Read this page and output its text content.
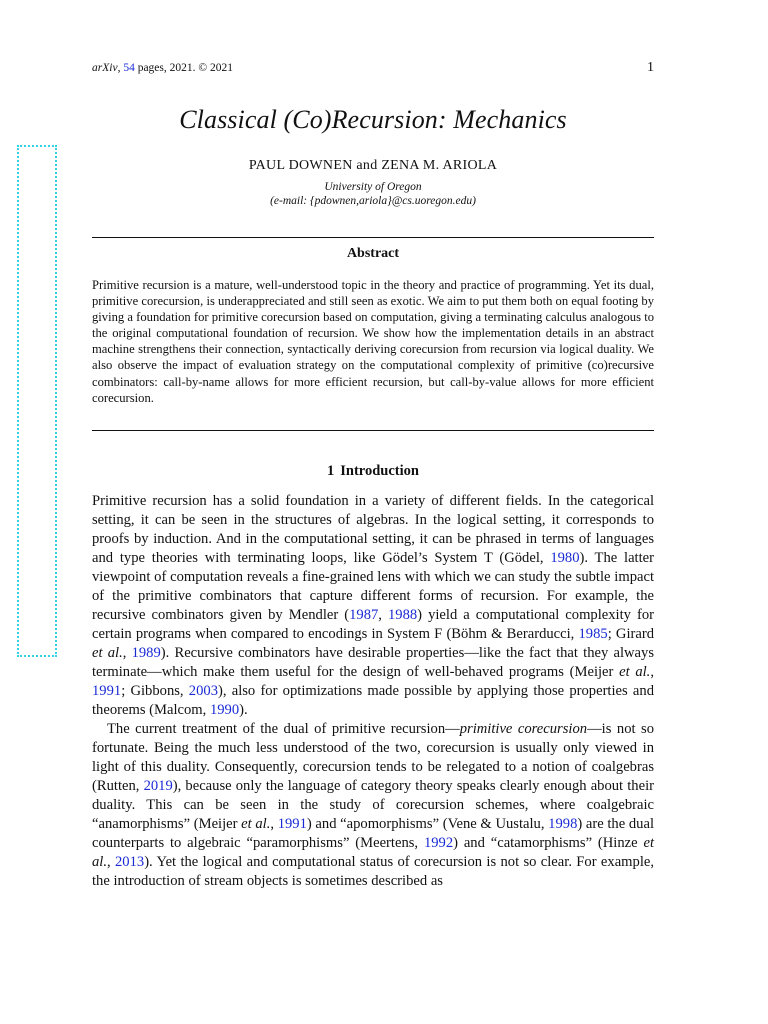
arXiv, 54 pages, 2021. © 2021	1
Classical (Co)Recursion: Mechanics
PAUL DOWNEN and ZENA M. ARIOLA
University of Oregon
(e-mail: {pdownen,ariola}@cs.uoregon.edu)
Abstract
Primitive recursion is a mature, well-understood topic in the theory and practice of programming. Yet its dual, primitive corecursion, is underappreciated and still seen as exotic. We aim to put them both on equal footing by giving a foundation for primitive corecursion based on computation, giving a terminating calculus analogous to the original computational foundation of recursion. We show how the implementation details in an abstract machine strengthens their connection, syntactically deriving corecursion from recursion via logical duality. We also observe the impact of evaluation strategy on the computational complexity of primitive (co)recursive combinators: call-by-name allows for more efficient recursion, but call-by-value allows for more efficient corecursion.
1 Introduction

Primitive recursion has a solid foundation in a variety of different fields. In the categorical setting, it can be seen in the structures of algebras. In the logical setting, it corresponds to proofs by induction. And in the computational setting, it can be phrased in terms of languages and type theories with terminating loops, like Gödel’s System T (Gödel, 1980). The latter viewpoint of computation reveals a fine-grained lens with which we can study the subtle impact of the primitive combinators that capture different forms of recursion. For example, the recursive combinators given by Mendler (1987, 1988) yield a computational complexity for certain programs when compared to encodings in System F (Böhm & Berarducci, 1985; Girard et al., 1989). Recursive combinators have desirable properties—like the fact that they always terminate—which make them useful for the design of well-behaved programs (Meijer et al., 1991; Gibbons, 2003), also for optimizations made possible by applying those properties and theorems (Malcom, 1990).

The current treatment of the dual of primitive recursion—primitive corecursion—is not so fortunate. Being the much less understood of the two, corecursion is usually only viewed in light of this duality. Consequently, corecursion tends to be relegated to a notion of coalgebras (Rutten, 2019), because only the language of category theory speaks clearly enough about their duality. This can be seen in the study of corecursion schemes, where coalgebraic “anamorphisms” (Meijer et al., 1991) and “apomorphisms” (Vene & Uustalu, 1998) are the dual counterparts to algebraic “paramorphisms” (Meertens, 1992) and “catamorphisms” (Hinze et al., 2013). Yet the logical and computational status of corecursion is not so clear. For example, the introduction of stream objects is sometimes described as
